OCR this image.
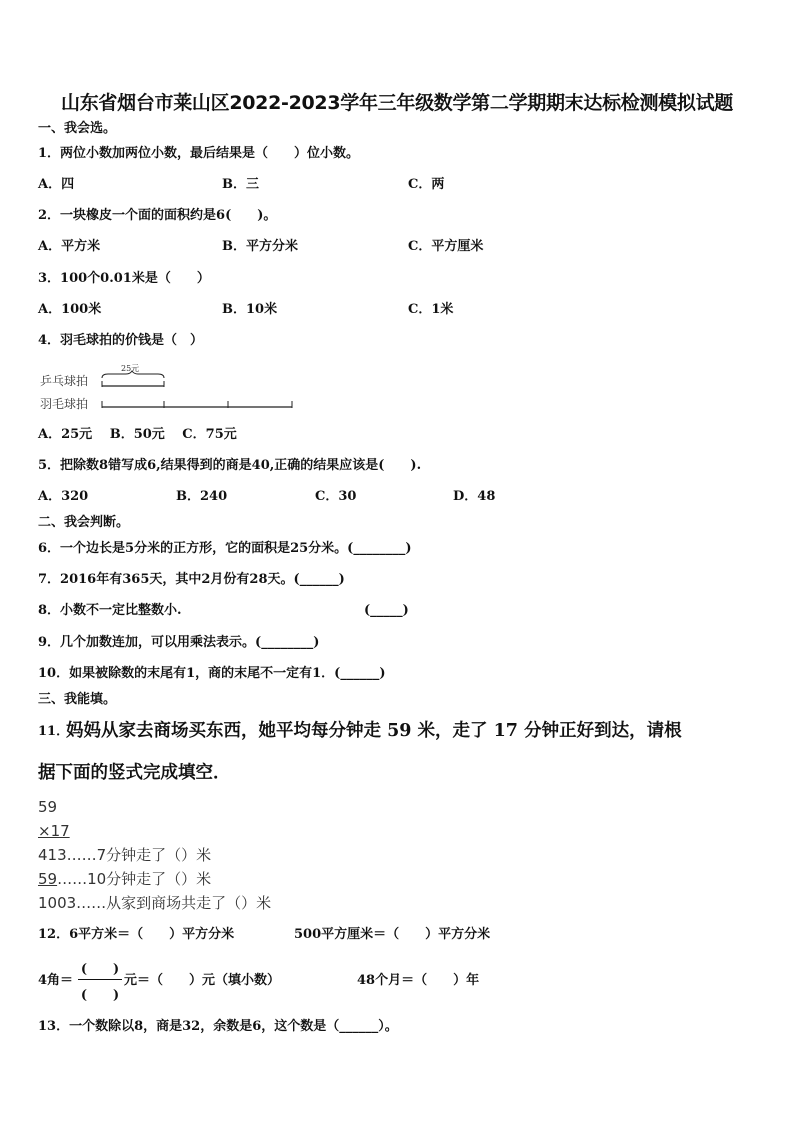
山东省烟台市莱山区2022-2023学年三年级数学第二学期期末达标检测模拟试题
一、我会选。
1．两位小数加两位小数，最后结果是（　　）位小数。
A．四	B．三	C．两
2．一块橡皮一个面的面积约是6(　　)。
A．平方米	B．平方分米	C．平方厘米
3．100个0.01米是（　　）
A．100米	B．10米	C．1米
4．羽毛球拍的价钱是（　）
乒乓球拍
羽毛球拍
25元
A．25元　 B．50元　 C．75元
5．把除数8错写成6,结果得到的商是40,正确的结果应该是(　　).
A．320	B．240	C．30	D．48
二、我会判断。
6．一个边长是5分米的正方形，它的面积是25分米。(________)
7．2016年有365天，其中2月份有28天。(______)
8．小数不一定比整数小.	(_____)
9．几个加数连加，可以用乘法表示。(________)
10．如果被除数的末尾有1，商的末尾不一定有1．(______)
三、我能填。
11．
妈妈从家去商场买东西，她平均每分钟走 59 米，走了 17 分钟正好到达，请根
据下面的竖式完成填空．
59
×17
413……7分钟走了（）米
59……10分钟走了（）米
1003……从家到商场共走了（）米
12．6平方米＝（　　）平方分米	500平方厘米＝（　　）平方分米
4角＝
(　　)
(　　)
元＝（　　）元（填小数）	48个月＝（　　）年
13．一个数除以8，商是32，余数是6，这个数是（______）。
